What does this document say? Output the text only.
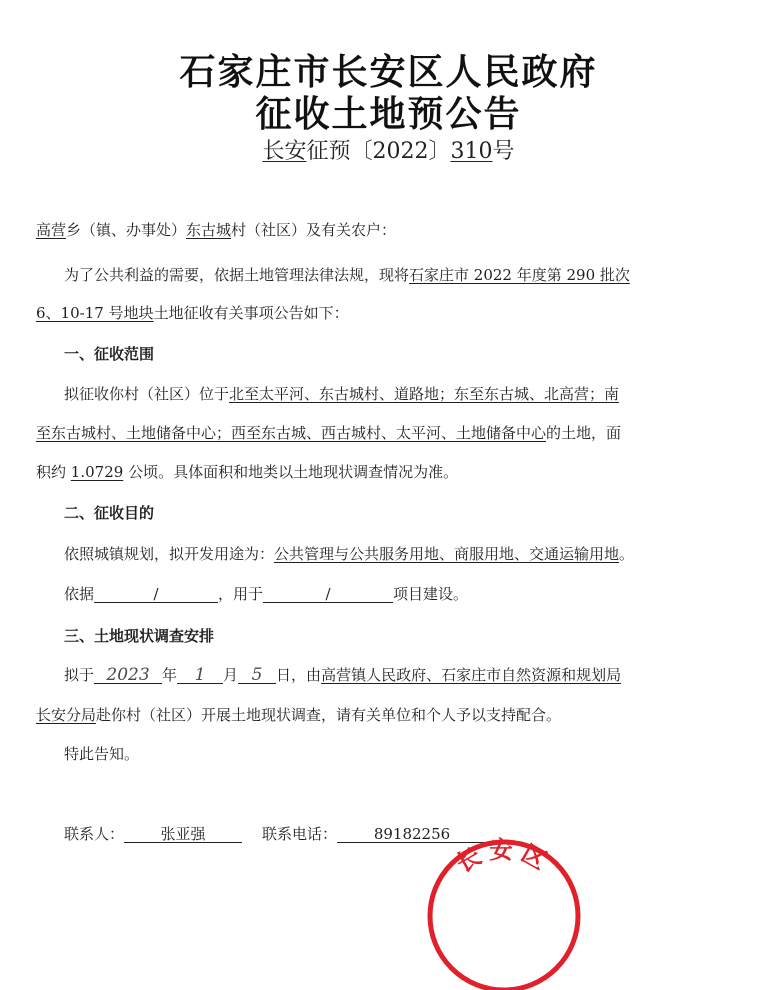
石家庄市长安区人民政府
征收土地预公告
长安征预〔2022〕310号
高营乡（镇、办事处）东古城村（社区）及有关农户：
为了公共利益的需要，依据土地管理法律法规，现将石家庄市 2022 年度第 290 批次
6、10-17 号地块土地征收有关事项公告如下：
一、征收范围
拟征收你村（社区）位于北至太平河、东古城村、道路地；东至东古城、北高营；南
至东古城村、土地储备中心；西至东古城、西古城村、太平河、土地储备中心的土地，面
积约 1.0729 公顷。具体面积和地类以土地现状调查情况为准。
二、征收目的
依照城镇规划，拟开发用途为：公共管理与公共服务用地、商服用地、交通运输用地。
依据	/	，用于	/	项目建设。
三、土地现状调查安排
拟于 2023 年 1 月 5 日，由高营镇人民政府、石家庄市自然资源和规划局
长安分局赴你村（社区）开展土地现状调查，请有关单位和个人予以支持配合。
特此告知。
联系人： 张亚强	联系电话： 89182256
长安区
